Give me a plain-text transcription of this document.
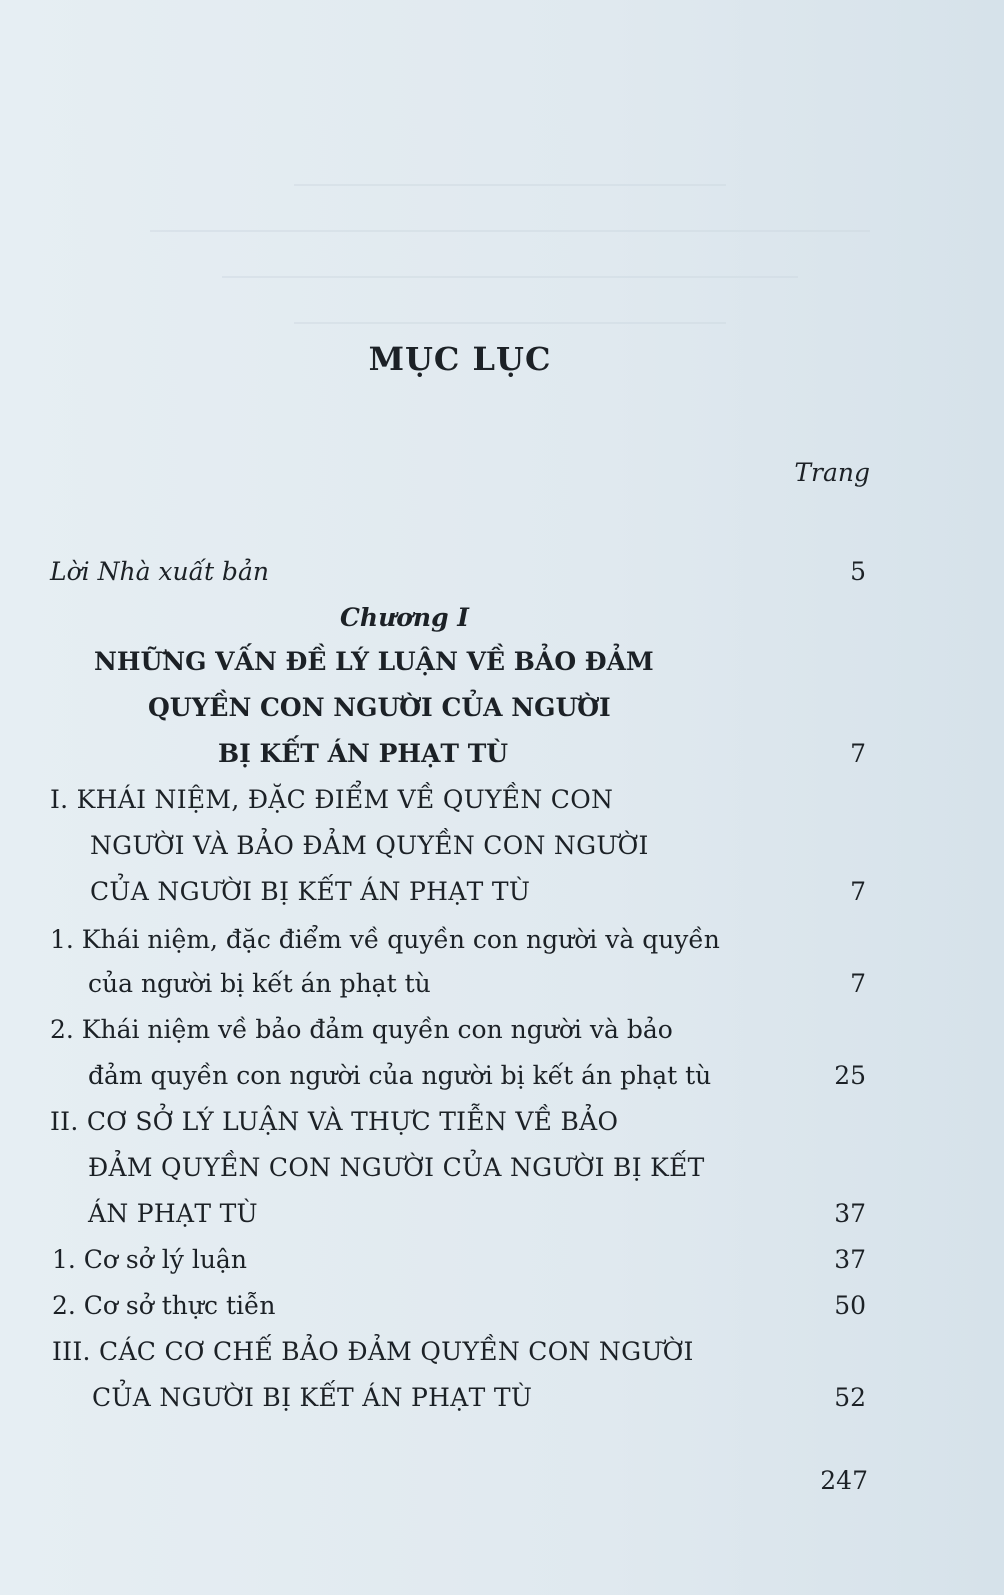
MỤC LỤC
Trang
Lời Nhà xuất bản	5
Chương I
NHỮNG VẤN ĐỀ LÝ LUẬN VỀ BẢO ĐẢM
QUYỀN CON NGƯỜI CỦA NGƯỜI
BỊ KẾT ÁN PHẠT TÙ	7
I. KHÁI NIỆM, ĐẶC ĐIỂM VỀ QUYỀN CON
NGƯỜI VÀ BẢO ĐẢM QUYỀN CON NGƯỜI
CỦA NGƯỜI BỊ KẾT ÁN PHẠT TÙ	7
1. Khái niệm, đặc điểm về quyền con người và quyền
của người bị kết án phạt tù	7
2. Khái niệm về bảo đảm quyền con người và bảo
đảm quyền con người của người bị kết án phạt tù	25
II. CƠ SỞ LÝ LUẬN VÀ THỰC TIỄN VỀ BẢO
ĐẢM QUYỀN CON NGƯỜI CỦA NGƯỜI BỊ KẾT
ÁN PHẠT TÙ	37
1. Cơ sở lý luận	37
2. Cơ sở thực tiễn	50
III. CÁC CƠ CHẾ BẢO ĐẢM QUYỀN CON NGƯỜI
CỦA NGƯỜI BỊ KẾT ÁN PHẠT TÙ	52
247
